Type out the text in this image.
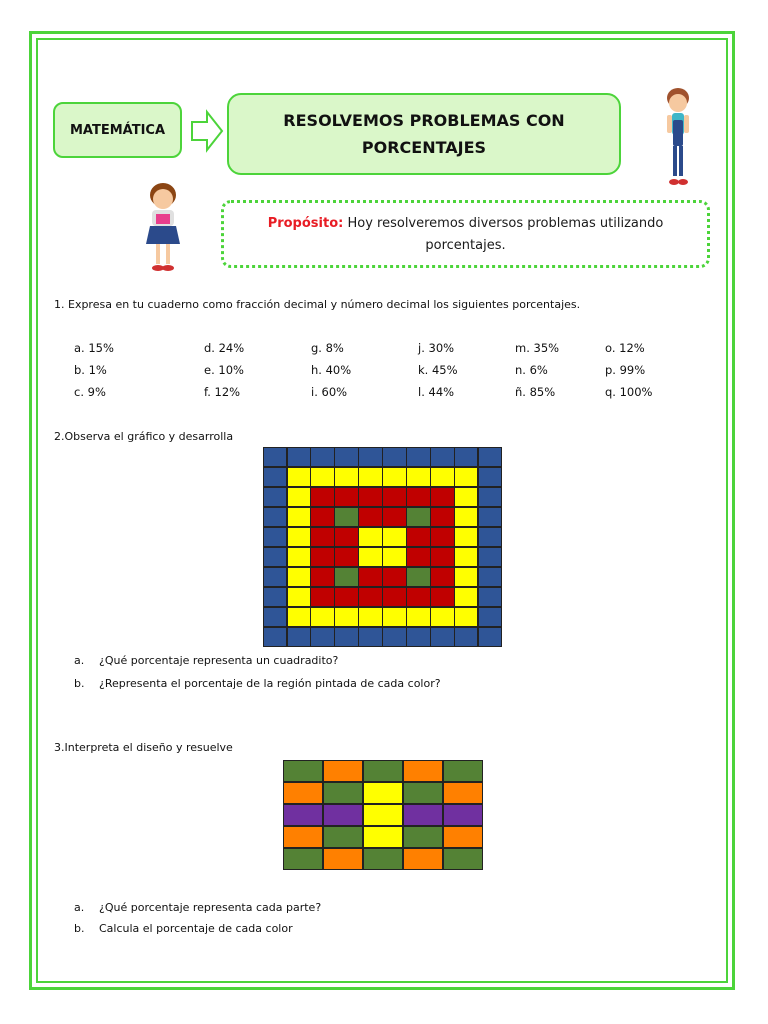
MATEMÁTICA	RESOLVEMOS PROBLEMAS CON
PORCENTAJES
Propósito: Hoy resolveremos diversos problemas utilizando
porcentajes.
1. Expresa en tu cuaderno como fracción decimal y número decimal los siguientes porcentajes.
a. 15%	d. 24%	g. 8%	j. 30%	m. 35%	o. 12%
b. 1%	e. 10%	h. 40%	k. 45%	n. 6%	p. 99%
c. 9%	f. 12%	i. 60%	l. 44%	ñ. 85%	q. 100%
2.Observa el gráfico y desarrolla
a. ¿Qué porcentaje representa un cuadradito?
b. ¿Representa el porcentaje de la región pintada de cada color?
3.Interpreta el diseño y resuelve
a. ¿Qué porcentaje representa cada parte?
b. Calcula el porcentaje de cada color
